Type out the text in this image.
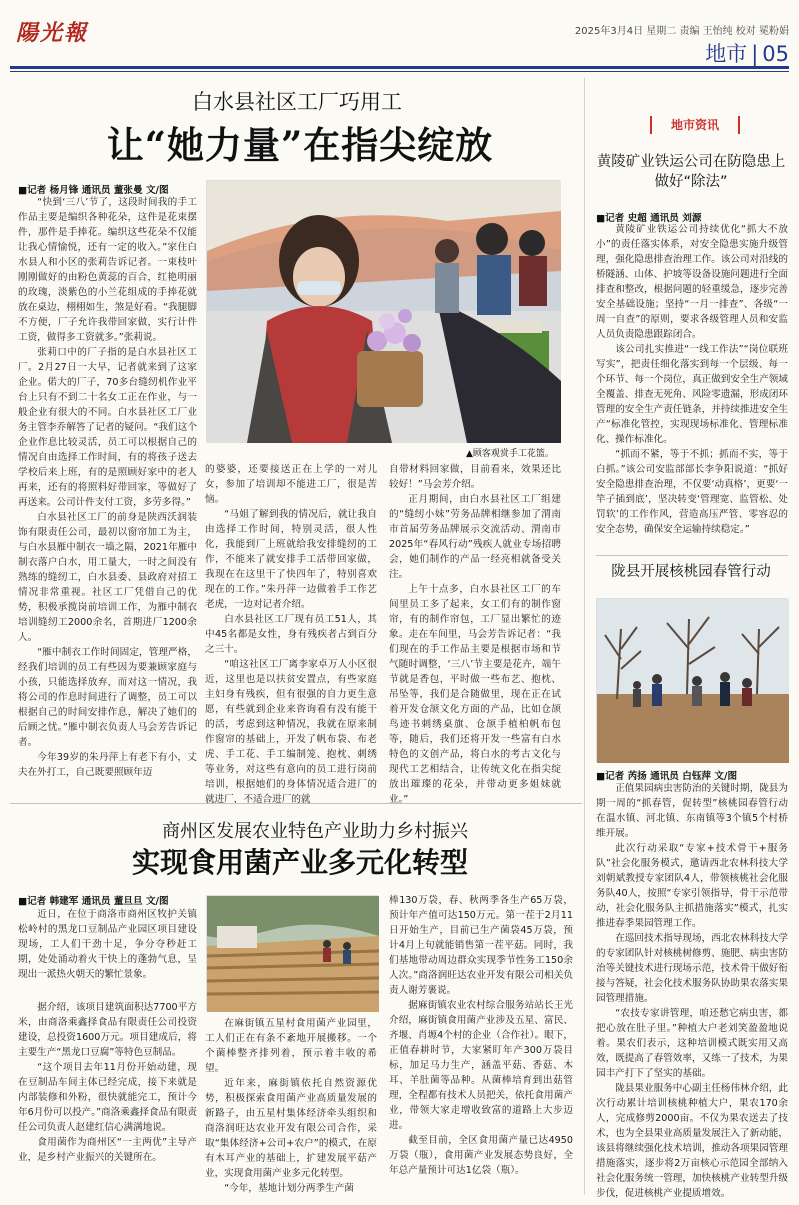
陽光報	2025年3月4日 星期二 责编 王怡纯 校对 冕粉娟
地市 | 05
白水县社区工厂巧用工
让“她力量”在指尖绽放
■记者 杨月锋 通讯员 董张曼 文/图

“快到‘三八’节了，这段时间我的手工作品主要是编织各种花朵，这件是花束摆件，那件是手捧花。编织这些花朵不仅能让我心情愉悦，还有一定的收入。”家住白水县人和小区的张莉告诉记者。一束枝叶刚刚做好的由粉色黄蕊的百合，红艳明丽的玫瑰，淡紫色的小兰花组成的手捧花就放在桌边，栩栩如生，煞是好看。“我腿脚不方便，厂子允许我带回家做，实行计件工资，做得多工资就多。”张莉说。

张莉口中的厂子指的是白水县社区工厂。2月27日一大早，记者就来到了这家企业。偌大的厂子，70多台缝纫机作业平台上只有不到二十名女工正在作业，与一般企业有很大的不同。白水县社区工厂业务主管李乔解答了记者的疑问。“我们这个企业作息比较灵活，员工可以根据自己的情况自由选择工作时间，有的将孩子送去学校后来上班，有的是照顾好家中的老人再来，还有的将照料好带回家，等做好了再送来。公司计件支付工资，多劳多得。”

白水县社区工厂的前身是陕西沃润装饰有限责任公司，最初以窗帘加工为主，与白水县雁中制衣一墙之隔，2021年雁中制衣落户白水，用工量大，一时之间没有熟练的缝纫工，白水县委、县政府对招工情况非常重视。社区工厂凭借自己的优势，积极承揽岗前培训工作，为雁中制衣培训缝纫工2000余名，首期进厂1200余人。

“雁中制衣工作时间固定，管理严格，经我们培训的员工有些因为要兼顾家庭与小孩，只能选择放弃，而对这一情况，我将公司的作息时间进行了调整，员工可以根据自己的时间安排作息，解决了她们的后顾之忧。”雁中制衣负责人马会芳告诉记者。

今年39岁的朱丹萍上有老下有小，丈夫在外打工，自己既要照顾年迈

▲顾客观赏手工花篮。

的婆婆，还要接送正在上学的一对儿女，参加了培训却不能进工厂，很是苦恼。

“马姐了解到我的情况后，就让我自由选择工作时间，特别灵活，很人性化，我能到厂上班就给我安排缝纫的工作，不能来了就安排手工活带回家做，我现在在这里干了快四年了，特别喜欢现在的工作。”朱丹萍一边做着手工作艺老虎，一边对记者介绍。

白水县社区工厂现有员工51人，其中45名都是女性，身有残疾者占到百分之三十。

“咱这社区工厂离李家卓万人小区很近，这里也是以扶贫安置点，有些家庭主妇身有残疾，但有很强的自力更生意愿，有些就到企业来咨询看有没有能干的活，考虑到这种情况，我就在原来制作窗帘的基础上，开发了帆布袋、布老虎、手工花、手工编制笼、抱枕、刺绣等业务，对这些有意向的员工进行岗前培训，根据她们的身体情况适合进厂的就进厂，不适合进厂的就

自带材料回家做，目前看来，效果还比较好！”马会芳介绍。

正月期间，由白水县社区工厂组建的“缝纫小妹”劳务品牌相继参加了渭南市首届劳务品牌展示交流活动、渭南市2025年“春风行动”残疾人就业专场招聘会，她们制作的产品一经亮相就备受关注。

上午十点多，白水县社区工厂的车间里员工多了起来，女工们有的制作窗帘，有的制作帘包，工厂显出繁忙的迹象。走在车间里，马会芳告诉记者：“我们现在的手工作品主要是根据市场和节气随时调整，‘三八’节主要是花卉，端午节就是香包，平时做一些布艺、抱枕、吊坠等，我们是合随做里，现在正在试着开发仓颉文化方面的产品，比如仓颉鸟迹书刺绣桌旗、仓颉手植柏帆布包等，随后，我们还将开发一些富有白水特色的文创产品，将白水的考古文化与现代工艺相结合，让传统文化在指尖绽放出璀璨的花朵，并带动更多姐妹就业。”

地市资讯
黄陵矿业铁运公司在防隐患上做好“除法”
■记者 史超 通讯员 刘源

黄陵矿业铁运公司持续优化“抓大不放小”的责任落实体系，对安全隐患实施升级管理，强化隐患排查治理工作。该公司对沿线的桥隧涵、山体、护坡等设备设施问题进行全面排查和整改，根据问题的轻重缓急，逐步完善安全基础设施；坚持“一月一排查”、各级“一周一自查”的原则，要求各级管理人员和安监人员负责隐患跟踪闭合。

该公司扎实推进“一线工作法”“岗位联班写实”，把责任细化落实到每一个层级、每一个环节、每一个岗位，真正做到安全生产领域全覆盖、排查无死角、风险零遗漏，形成闭环管理的安全生产责任链条，并持续推进安全生产“标准化管控，实现现场标准化、管理标准化、操作标准化。

“抓而不紧，等于不抓；抓而不实，等于白抓。”该公司安监部部长李争阳说道：“抓好安全隐患排查治理，不仅要‘动真格’，更要‘一竿子插到底’，坚决转变‘管理宽、监管松、处罚软’的工作作风，营造高压严管、零容忍的安全态势，确保安全运输持续稳定。”

陇县开展核桃园春管行动
■记者 芮扬 通讯员 白钰萍 文/图

正值果园病虫害防治的关键时期，陇县为期一周的“抓春管，促转型”核桃园春管行动在温水镇、河北镇、东南镇等3个镇5个村桥维开展。

此次行动采取“专家+技术骨干+服务队”社会化服务模式，邀请西北农林科技大学刘朝斌教授专家团队4人，带领核桃社会化服务队40人，按照“专家引领指导，骨干示范带动，社会化服务队主抓措施落实”模式，扎实推进春季果园管理工作。

在巡回技术指导现场，西北农林科技大学的专家团队针对核桃树修剪、施肥、病虫害防治等关键技术进行现场示范，技术骨干做好衔接与答疑，社会化技术服务队协助果农落实果园管理措施。

“农技专家讲管理，咱还愁它病虫害，都把心放在肚子里。”种植大户老刘笑盈盈地说着。果农们表示，这种培训模式既实用又高效，既提高了春管效率，又练一了技术，为果园丰产打下了坚实的基础。

陇县果业服务中心副主任杨伟林介绍，此次行动累计培训核桃种植大户，果农170余人，完成修剪2000亩。不仅为果农送去了技术，也为全县果业高质量发展注入了新动能，该县将继续强化技术培训，推动各项果园管理措施落实，逐步将2万亩核心示范园全部纳入社会化服务统一管理，加快核桃产业转型升级步伐，促进核桃产业提质增效。

商州区发展农业特色产业助力乡村振兴
实现食用菌产业多元化转型
■记者 韩建军 通讯员 董旦旦 文/图

近日，在位于商洛市商州区牧护关镇松岭村的黑龙口豆制品产业园区项目建设现场，工人们干劲十足，争分夺秒赶工期，处处涌动着火干快上的蓬勃气息，呈现出一派热火朝天的繁忙景象。

据介绍，该项目建筑面积达7700平方米，由商洛乘鑫择食品有限责任公司投资建设，总投资1600万元。项目建成后，将主要生产“黑龙口豆腐”等特色豆制品。

“这个项目去年11月份开始动建，现在豆制品车间主体已经完成，接下来就是内部装修和外粉，很快就能完工，预计今年6月份可以投产。”商洛乘鑫择食品有限责任公司负责人赵建红信心满满地说。

食用菌作为商州区“一主两优”主导产业，是乡村产业振兴的关键所在。

在麻街镇五星村食用菌产业园里，工人们正在有条不紊地开展搬移。一个个菌棒整齐排列着，预示着丰收的希望。

近年来，麻街镇依托自然资源优势，积极探索食用菌产业高质量发展的新路子，由五星村集体经济牵头组织和商洛润旺达农业开发有限公司合作，采取“集体经济+公司+农户”的模式，在原有木耳产业的基础上，扩建发展平菇产业，实现食用菌产业多元化转型。

“今年，基地计划分两季生产菌

棒130万袋，春、秋两季各生产65万袋，预计年产值可达150万元。第一茬于2月11日开始生产，目前已生产菌袋45万袋，预计4月上旬就能销售第一茬平菇。同时，我们基地带动周边群众实现季节性务工150余人次。”商洛润旺达农业开发有限公司相关负责人谢芳裹说。

据麻街镇农业农村综合服务站站长王光介绍，麻街镇食用菌产业涉及五星、富民、齐堰、肖塬4个村的企业（合作社）。眼下，正值春耕时节，大家紧盯年产300万袋目标，加足马力生产，涵盖平菇、香菇、木耳、羊肚菌等品种。从菌棒培育到出菇管理，全程都有技术人员把关，依托食用菌产业，带领大家走增收致富的道路上大步迈进。

截至目前，全区食用菌产量已达4950万袋（瓶），食用菌产业发展态势良好，全年总产量预计可达1亿袋（瓶）。
